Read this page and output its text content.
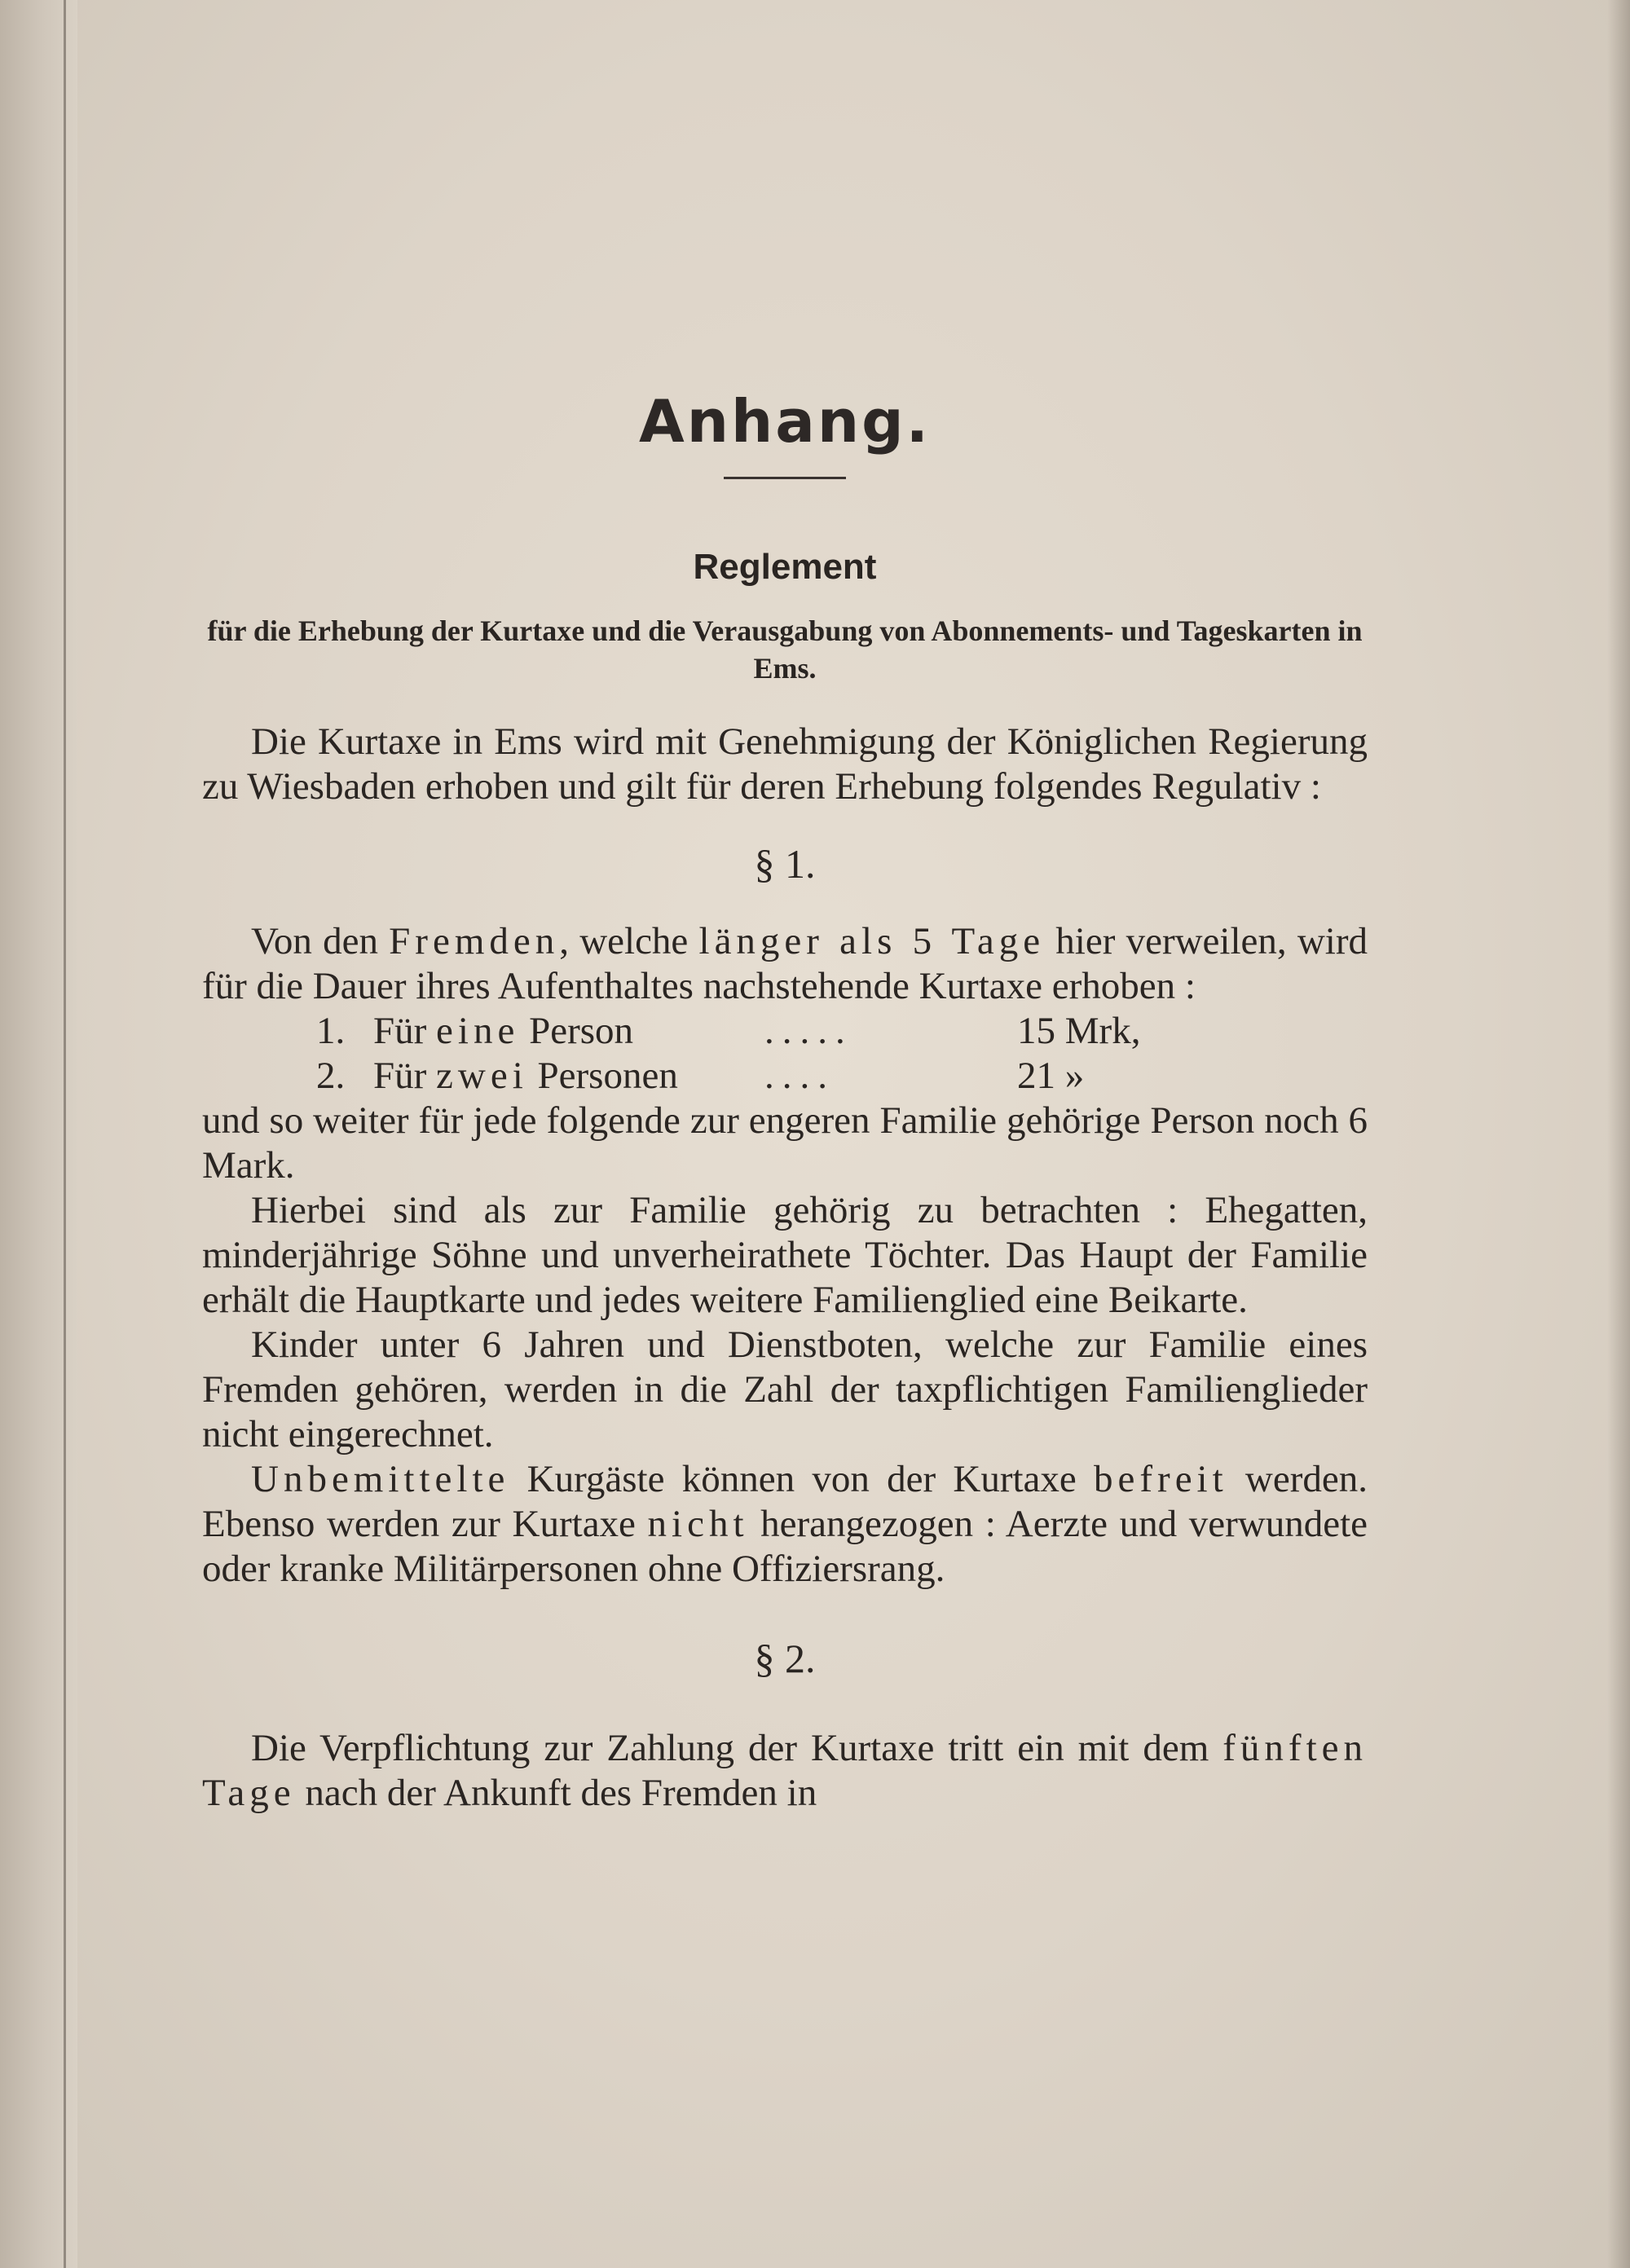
Anhang.
Reglement
für die Erhebung der Kurtaxe und die Verausgabung von Abonnements- und Tageskarten in Ems.

Die Kurtaxe in Ems wird mit Genehmigung der Königlichen Regierung zu Wiesbaden erhoben und gilt für deren Erhebung folgendes Regulativ :

§ 1.

Von den Fremden, welche länger als 5 Tage hier verweilen, wird für die Dauer ihres Aufenthaltes nachstehende Kurtaxe erhoben :

1. Für eine Person	.....	15 Mrk,
2. Für zwei Personen	....	21 »

und so weiter für jede folgende zur engeren Familie gehörige Person noch 6 Mark.

Hierbei sind als zur Familie gehörig zu betrachten : Ehegatten, minderjährige Söhne und unverheirathete Töchter. Das Haupt der Familie erhält die Hauptkarte und jedes weitere Familienglied eine Beikarte.

Kinder unter 6 Jahren und Dienstboten, welche zur Familie eines Fremden gehören, werden in die Zahl der taxpflichtigen Familienglieder nicht eingerechnet.

Unbemittelte Kurgäste können von der Kurtaxe befreit werden. Ebenso werden zur Kurtaxe nicht herangezogen : Aerzte und verwundete oder kranke Militärpersonen ohne Offiziersrang.

§ 2.

Die Verpflichtung zur Zahlung der Kurtaxe tritt ein mit dem fünften Tage nach der Ankunft des Fremden in
